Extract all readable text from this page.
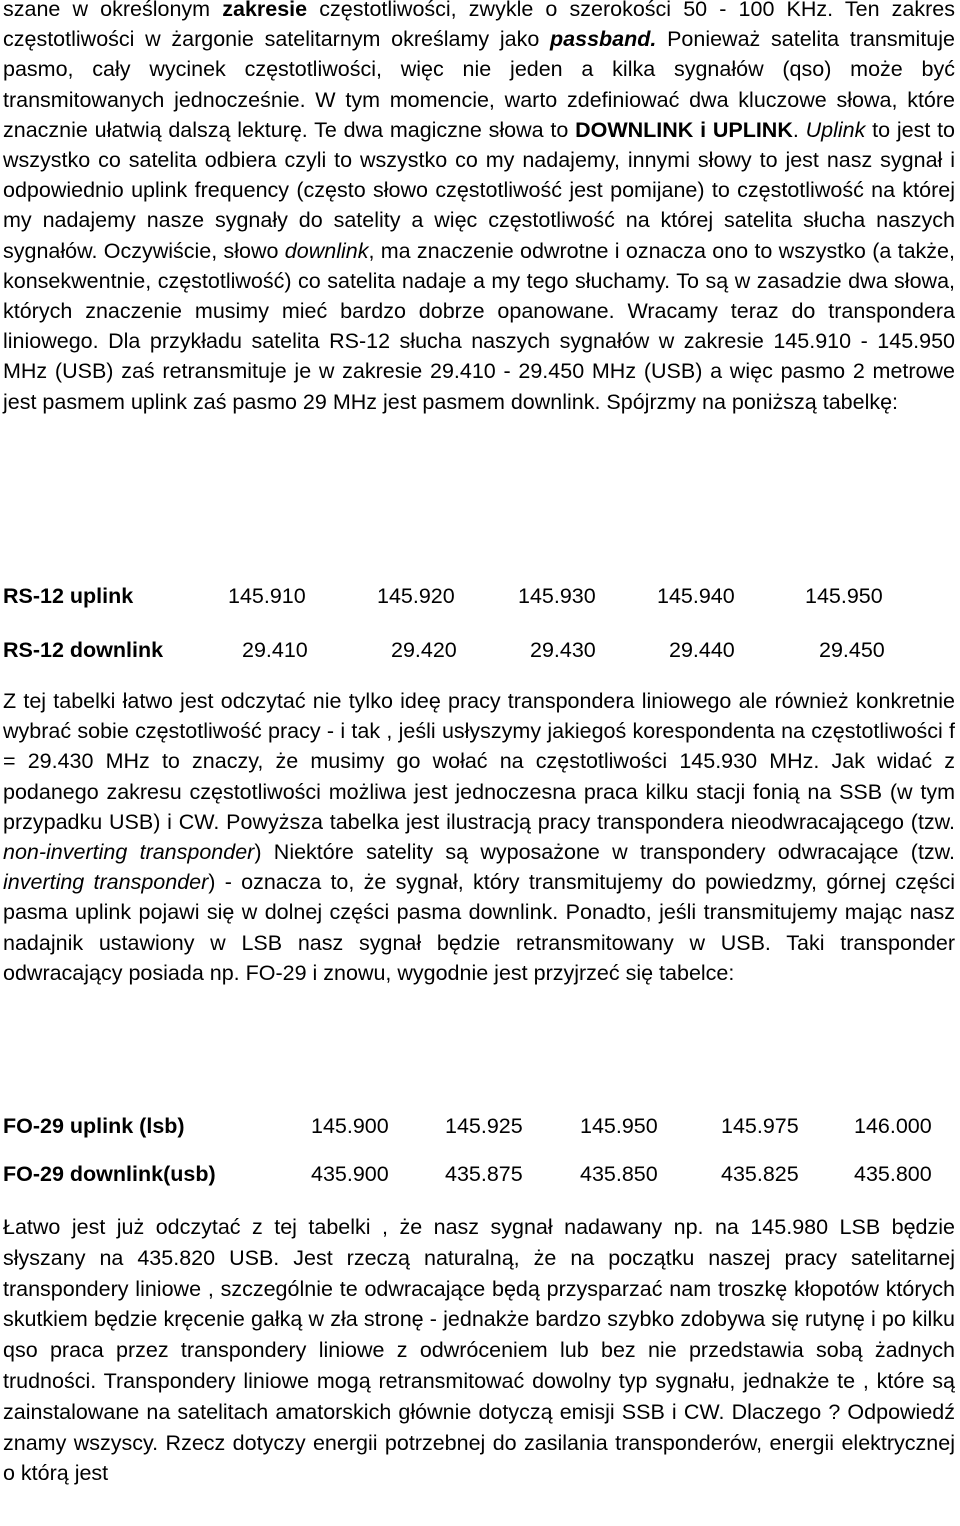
szane w określonym zakresie częstotliwości, zwykle o szerokości 50 - 100 KHz. Ten zakres częstotliwości w żargonie satelitarnym określamy jako passband. Ponieważ satelita transmituje pasmo, cały wycinek częstotliwości, więc nie jeden a kilka sygnałów (qso) może być transmitowanych jednocześnie. W tym momencie, warto zdefiniować dwa kluczowe słowa, które znacznie ułatwią dalszą lekturę. Te dwa magiczne słowa to DOWNLINK i UPLINK. Uplink to jest to wszystko co satelita odbiera czyli to wszystko co my nadajemy, innymi słowy to jest nasz sygnał i odpowiednio uplink frequency (często słowo częstotliwość jest pomijane) to częstotliwość na której my nadajemy nasze sygnały do satelity a więc częstotliwość na której satelita słucha naszych sygnałów. Oczywiście, słowo downlink, ma znaczenie odwrotne i oznacza ono to wszystko (a także, konsekwentnie, częstotliwość) co satelita nadaje a my tego słuchamy. To są w zasadzie dwa słowa, których znaczenie musimy mieć bardzo dobrze opanowane. Wracamy teraz do transpondera liniowego. Dla przykładu satelita RS-12 słucha naszych sygnałów w zakresie 145.910 - 145.950 MHz (USB) zaś retransmituje je w zakresie 29.410 - 29.450 MHz (USB) a więc pasmo 2 metrowe jest pasmem uplink zaś pasmo 29 MHz jest pasmem downlink. Spójrzmy na poniższą tabelkę:

RS-12 uplink	145.910	145.920	145.930	145.940	145.950
RS-12 downlink	29.410	29.420	29.430	29.440	29.450

Z tej tabelki łatwo jest odczytać nie tylko ideę pracy transpondera liniowego ale również konkretnie wybrać sobie częstotliwość pracy - i tak , jeśli usłyszymy jakiegoś korespondenta na częstotliwości f = 29.430 MHz to znaczy, że musimy go wołać na częstotliwości 145.930 MHz. Jak widać z podanego zakresu częstotliwości możliwa jest jednoczesna praca kilku stacji fonią na SSB (w tym przypadku USB) i CW. Powyższa tabelka jest ilustracją pracy transpondera nieodwracającego (tzw. non-inverting transponder) Niektóre satelity są wyposażone w transpondery odwracające (tzw. inverting transponder) - oznacza to, że sygnał, który transmitujemy do powiedzmy, górnej części pasma uplink pojawi się w dolnej części pasma downlink. Ponadto, jeśli transmitujemy mając nasz nadajnik ustawiony w LSB nasz sygnał będzie retransmitowany w USB. Taki transponder odwracający posiada np. FO-29 i znowu, wygodnie jest przyjrzeć się tabelce:

FO-29 uplink (lsb)	145.900	145.925	145.950	145.975	146.000
FO-29 downlink(usb)	435.900	435.875	435.850	435.825	435.800

Łatwo jest już odczytać z tej tabelki , że nasz sygnał nadawany np. na 145.980 LSB będzie słyszany na 435.820 USB. Jest rzeczą naturalną, że na początku naszej pracy satelitarnej transpondery liniowe , szczególnie te odwracające będą przysparzać nam troszkę kłopotów których skutkiem będzie kręcenie gałką w zła stronę - jednakże bardzo szybko zdobywa się rutynę i po kilku qso praca przez transpondery liniowe z odwróceniem lub bez nie przedstawia sobą żadnych trudności. Transpondery liniowe mogą retransmitować dowolny typ sygnału, jednakże te , które są zainstalowane na satelitach amatorskich głównie dotyczą emisji SSB i CW. Dlaczego ? Odpowiedź znamy wszyscy. Rzecz dotyczy energii potrzebnej do zasilania transponderów, energii elektrycznej o którą jest
